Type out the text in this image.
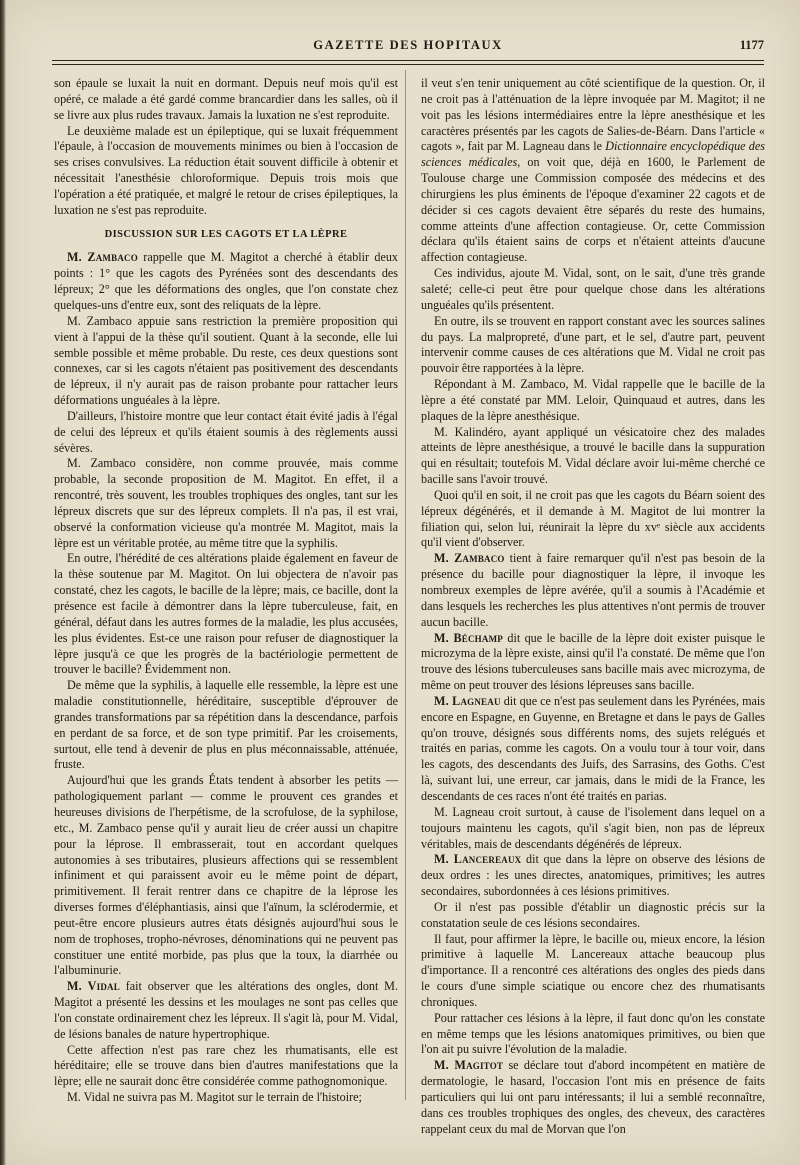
GAZETTE DES HOPITAUX	1177

son épaule se luxait la nuit en dormant. Depuis neuf mois qu'il est opéré, ce malade a été gardé comme brancardier dans les salles, où il se livre aux plus rudes travaux. Jamais la luxation ne s'est reproduite.

Le deuxième malade est un épileptique, qui se luxait fréquemment l'épaule, à l'occasion de mouvements minimes ou bien à l'occasion de ses crises convulsives. La réduction était souvent difficile à obtenir et nécessitait l'anesthésie chloroformique. Depuis trois mois que l'opération a été pratiquée, et malgré le retour de crises épileptiques, la luxation ne s'est pas reproduite.

DISCUSSION SUR LES CAGOTS ET LA LÈPRE

M. Zambaco rappelle que M. Magitot a cherché à établir deux points : 1° que les cagots des Pyrénées sont des descendants des lépreux; 2° que les déformations des ongles, que l'on constate chez quelques-uns d'entre eux, sont des reliquats de la lèpre.

M. Zambaco appuie sans restriction la première proposition qui vient à l'appui de la thèse qu'il soutient. Quant à la seconde, elle lui semble possible et même probable. Du reste, ces deux questions sont connexes, car si les cagots n'étaient pas positivement des descendants de lépreux, il n'y aurait pas de raison probante pour rattacher leurs déformations unguéales à la lèpre.

D'ailleurs, l'histoire montre que leur contact était évité jadis à l'égal de celui des lépreux et qu'ils étaient soumis à des règlements aussi sévères.

M. Zambaco considère, non comme prouvée, mais comme probable, la seconde proposition de M. Magitot. En effet, il a rencontré, très souvent, les troubles trophiques des ongles, tant sur les lépreux discrets que sur des lépreux complets. Il n'a pas, il est vrai, observé la conformation vicieuse qu'a montrée M. Magitot, mais la lèpre est un véritable protée, au même titre que la syphilis.

En outre, l'hérédité de ces altérations plaide également en faveur de la thèse soutenue par M. Magitot. On lui objectera de n'avoir pas constaté, chez les cagots, le bacille de la lèpre; mais, ce bacille, dont la présence est facile à démontrer dans la lèpre tuberculeuse, fait, en général, défaut dans les autres formes de la maladie, les plus accusées, les plus évidentes. Est-ce une raison pour refuser de diagnostiquer la lèpre jusqu'à ce que les progrès de la bactériologie permettent de trouver le bacille? Évidemment non.

De même que la syphilis, à laquelle elle ressemble, la lèpre est une maladie constitutionnelle, héréditaire, susceptible d'éprouver de grandes transformations par sa répétition dans la descendance, parfois en perdant de sa force, et de son type primitif. Par les croisements, surtout, elle tend à devenir de plus en plus méconnaissable, atténuée, fruste.

Aujourd'hui que les grands États tendent à absorber les petits — pathologiquement parlant — comme le prouvent ces grandes et heureuses divisions de l'herpétisme, de la scrofulose, de la syphilose, etc., M. Zambaco pense qu'il y aurait lieu de créer aussi un chapitre pour la léprose. Il embrasserait, tout en accordant quelques autonomies à ses tributaires, plusieurs affections qui se ressemblent infiniment et qui paraissent avoir eu le même point de départ, primitivement. Il ferait rentrer dans ce chapitre de la léprose les diverses formes d'éléphantiasis, ainsi que l'aïnum, la sclérodermie, et peut-être encore plusieurs autres états désignés aujourd'hui sous le nom de trophoses, tropho-névroses, dénominations qui ne peuvent pas constituer une entité morbide, pas plus que la toux, la diarrhée ou l'albuminurie.

M. Vidal fait observer que les altérations des ongles, dont M. Magitot a présenté les dessins et les moulages ne sont pas celles que l'on constate ordinairement chez les lépreux. Il s'agit là, pour M. Vidal, de lésions banales de nature hypertrophique.

Cette affection n'est pas rare chez les rhumatisants, elle est héréditaire; elle se trouve dans bien d'autres manifestations que la lèpre; elle ne saurait donc être considérée comme pathognomonique.

M. Vidal ne suivra pas M. Magitot sur le terrain de l'histoire;

il veut s'en tenir uniquement au côté scientifique de la question. Or, il ne croit pas à l'atténuation de la lèpre invoquée par M. Magitot; il ne voit pas les lésions intermédiaires entre la lèpre anesthésique et les caractères présentés par les cagots de Salies-de-Béarn. Dans l'article « cagots », fait par M. Lagneau dans le Dictionnaire encyclopédique des sciences médicales, on voit que, déjà en 1600, le Parlement de Toulouse charge une Commission composée des médecins et des chirurgiens les plus éminents de l'époque d'examiner 22 cagots et de décider si ces cagots devaient être séparés du reste des humains, comme atteints d'une affection contagieuse. Or, cette Commission déclara qu'ils étaient sains de corps et n'étaient atteints d'aucune affection contagieuse.

Ces individus, ajoute M. Vidal, sont, on le sait, d'une très grande saleté; celle-ci peut être pour quelque chose dans les altérations unguéales qu'ils présentent.

En outre, ils se trouvent en rapport constant avec les sources salines du pays. La malpropreté, d'une part, et le sel, d'autre part, peuvent intervenir comme causes de ces altérations que M. Vidal ne croit pas pouvoir être rapportées à la lèpre.

Répondant à M. Zambaco, M. Vidal rappelle que le bacille de la lèpre a été constaté par MM. Leloir, Quinquaud et autres, dans les plaques de la lèpre anesthésique.

M. Kalindéro, ayant appliqué un vésicatoire chez des malades atteints de lèpre anesthésique, a trouvé le bacille dans la suppuration qui en résultait; toutefois M. Vidal déclare avoir lui-même cherché ce bacille sans l'avoir trouvé.

Quoi qu'il en soit, il ne croit pas que les cagots du Béarn soient des lépreux dégénérés, et il demande à M. Magitot de lui montrer la filiation qui, selon lui, réunirait la lèpre du xvᵉ siècle aux accidents qu'il vient d'observer.

M. Zambaco tient à faire remarquer qu'il n'est pas besoin de la présence du bacille pour diagnostiquer la lèpre, il invoque les nombreux exemples de lèpre avérée, qu'il a soumis à l'Académie et dans lesquels les recherches les plus attentives n'ont permis de trouver aucun bacille.

M. Béchamp dit que le bacille de la lèpre doit exister puisque le microzyma de la lèpre existe, ainsi qu'il l'a constaté. De même que l'on trouve des lésions tuberculeuses sans bacille mais avec microzyma, de même on peut trouver des lésions lépreuses sans bacille.

M. Lagneau dit que ce n'est pas seulement dans les Pyrénées, mais encore en Espagne, en Guyenne, en Bretagne et dans le pays de Galles qu'on trouve, désignés sous différents noms, des sujets relégués et traités en parias, comme les cagots. On a voulu tour à tour voir, dans les cagots, des descendants des Juifs, des Sarrasins, des Goths. C'est là, suivant lui, une erreur, car jamais, dans le midi de la France, les descendants de ces races n'ont été traités en parias.

M. Lagneau croit surtout, à cause de l'isolement dans lequel on a toujours maintenu les cagots, qu'il s'agit bien, non pas de lépreux véritables, mais de descendants dégénérés de lépreux.

M. Lancereaux dit que dans la lèpre on observe des lésions de deux ordres : les unes directes, anatomiques, primitives; les autres secondaires, subordonnées à ces lésions primitives.

Or il n'est pas possible d'établir un diagnostic précis sur la constatation seule de ces lésions secondaires.

Il faut, pour affirmer la lèpre, le bacille ou, mieux encore, la lésion primitive à laquelle M. Lancereaux attache beaucoup plus d'importance. Il a rencontré ces altérations des ongles des pieds dans le cours d'une simple sciatique ou encore chez des rhumatisants chroniques.

Pour rattacher ces lésions à la lèpre, il faut donc qu'on les constate en même temps que les lésions anatomiques primitives, ou bien que l'on ait pu suivre l'évolution de la maladie.

M. Magitot se déclare tout d'abord incompétent en matière de dermatologie, le hasard, l'occasion l'ont mis en présence de faits particuliers qui lui ont paru intéressants; il lui a semblé reconnaître, dans ces troubles trophiques des ongles, des cheveux, des caractères rappelant ceux du mal de Morvan que l'on
